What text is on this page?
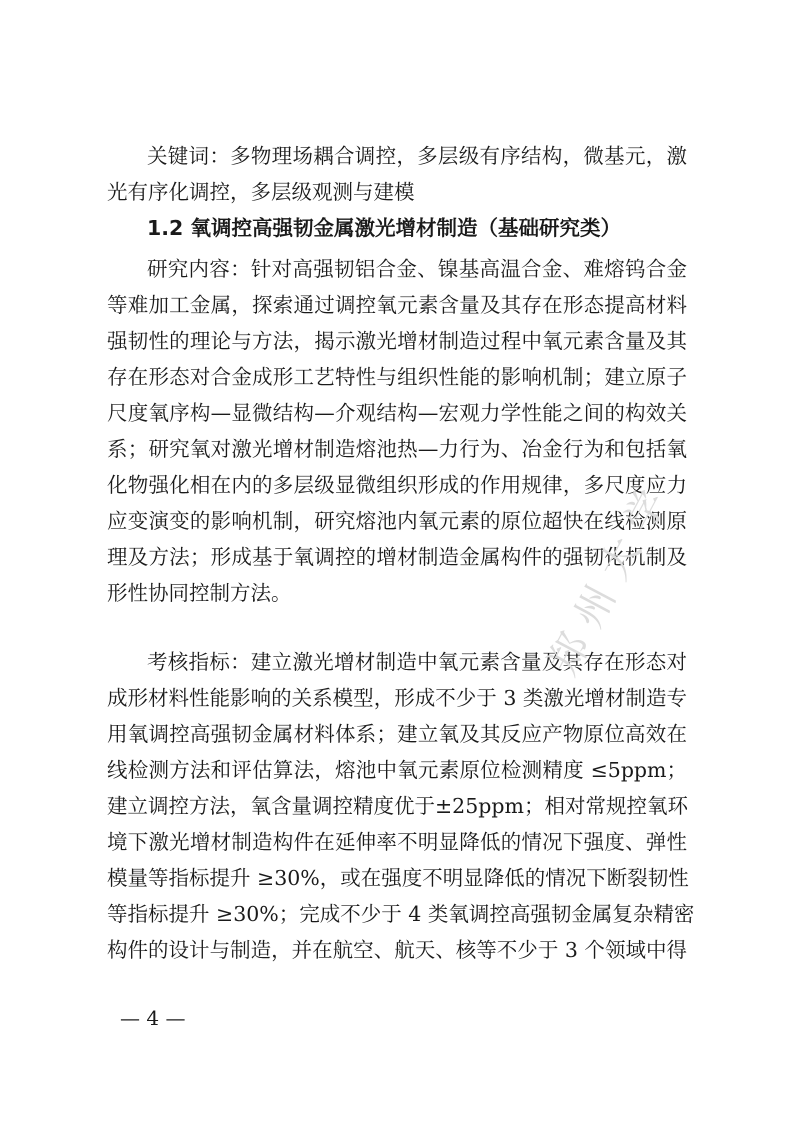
关键词：多物理场耦合调控，多层级有序结构，微基元，激
光有序化调控，多层级观测与建模
1.2 氧调控高强韧金属激光增材制造（基础研究类）
研究内容：针对高强韧铝合金、镍基高温合金、难熔钨合金
等难加工金属，探索通过调控氧元素含量及其存在形态提高材料
强韧性的理论与方法，揭示激光增材制造过程中氧元素含量及其
存在形态对合金成形工艺特性与组织性能的影响机制；建立原子
尺度氧序构—显微结构—介观结构—宏观力学性能之间的构效关
系；研究氧对激光增材制造熔池热—力行为、冶金行为和包括氧
化物强化相在内的多层级显微组织形成的作用规律，多尺度应力
应变演变的影响机制，研究熔池内氧元素的原位超快在线检测原
理及方法；形成基于氧调控的增材制造金属构件的强韧化机制及
形性协同控制方法。
考核指标：建立激光增材制造中氧元素含量及其存在形态对
成形材料性能影响的关系模型，形成不少于 3 类激光增材制造专
用氧调控高强韧金属材料体系；建立氧及其反应产物原位高效在
线检测方法和评估算法，熔池中氧元素原位检测精度 ≤5ppm；
建立调控方法，氧含量调控精度优于±25ppm；相对常规控氧环
境下激光增材制造构件在延伸率不明显降低的情况下强度、弹性
模量等指标提升 ≥30%，或在强度不明显降低的情况下断裂韧性
等指标提升 ≥30%；完成不少于 4 类氧调控高强韧金属复杂精密
构件的设计与制造，并在航空、航天、核等不少于 3 个领域中得
— 4 —
郑州大学
